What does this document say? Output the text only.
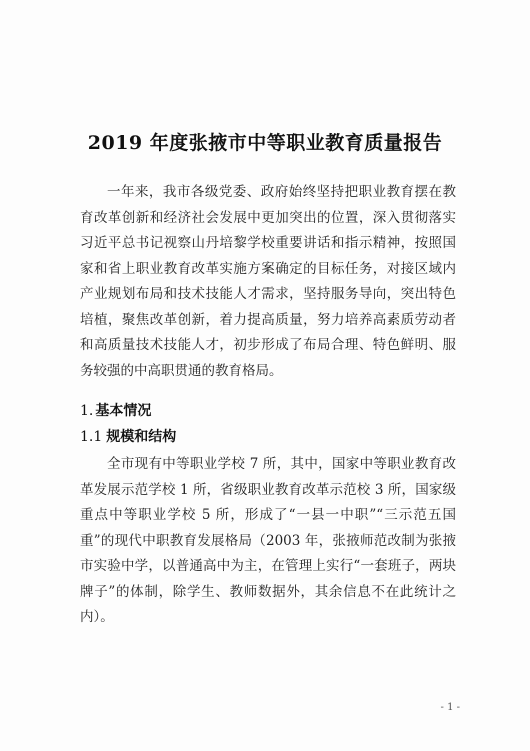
2019 年度张掖市中等职业教育质量报告
一年来，我市各级党委、政府始终坚持把职业教育摆在教育改革创新和经济社会发展中更加突出的位置，深入贯彻落实习近平总书记视察山丹培黎学校重要讲话和指示精神，按照国家和省上职业教育改革实施方案确定的目标任务，对接区域内产业规划布局和技术技能人才需求，坚持服务导向，突出特色培植，聚焦改革创新，着力提高质量，努力培养高素质劳动者和高质量技术技能人才，初步形成了布局合理、特色鲜明、服务较强的中高职贯通的教育格局。
1. 基本情况
1.1 规模和结构
全市现有中等职业学校 7 所，其中，国家中等职业教育改革发展示范学校 1 所，省级职业教育改革示范校 3 所，国家级重点中等职业学校 5 所，形成了“一县一中职”“三示范五国重”的现代中职教育发展格局（2003 年，张掖师范改制为张掖市实验中学，以普通高中为主，在管理上实行“一套班子，两块牌子”的体制，除学生、教师数据外，其余信息不在此统计之内）。
- 1 -
